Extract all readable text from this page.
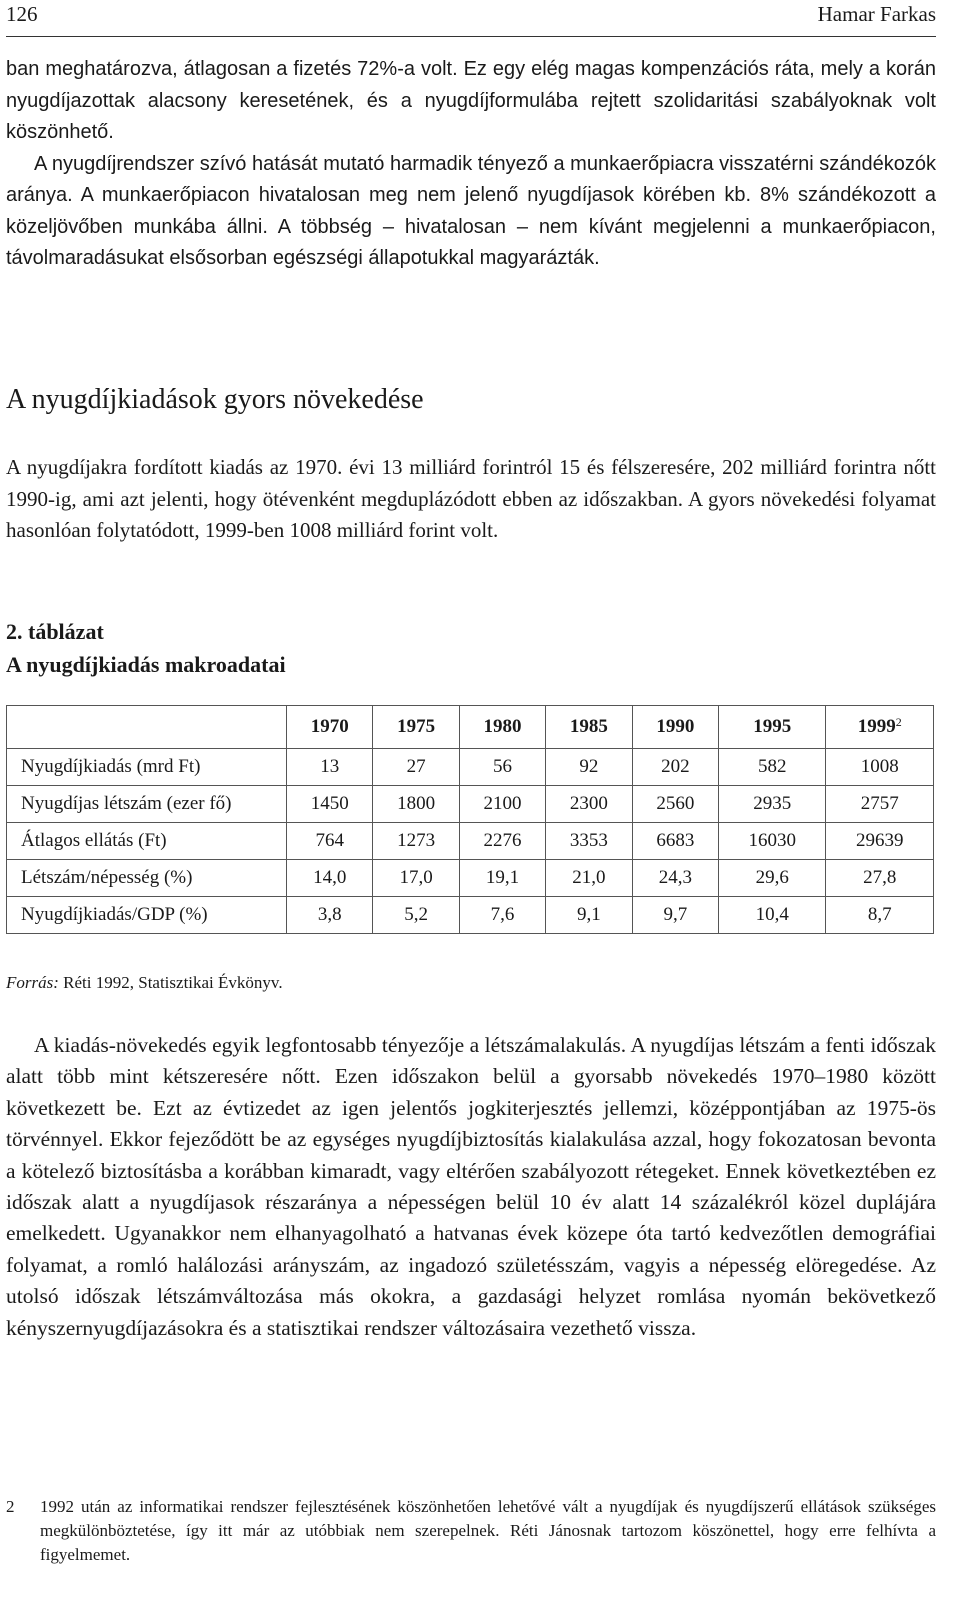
126	Hamar Farkas

ban meghatározva, átlagosan a fizetés 72%-a volt. Ez egy elég magas kompenzációs ráta, mely a korán nyugdíjazottak alacsony keresetének, és a nyugdíjformulába rejtett szolidaritási szabályoknak volt köszönhető.

A nyugdíjrendszer szívó hatását mutató harmadik tényező a munkaerőpiacra visszatérni szándékozók aránya. A munkaerőpiacon hivatalosan meg nem jelenő nyugdíjasok körében kb. 8% szándékozott a közeljövőben munkába állni. A többség – hivatalosan – nem kívánt megjelenni a munkaerőpiacon, távolmaradásukat elsősorban egészségi állapotukkal magyarázták.

A nyugdíjkiadások gyors növekedése

A nyugdíjakra fordított kiadás az 1970. évi 13 milliárd forintról 15 és félszeresére, 202 milliárd forintra nőtt 1990-ig, ami azt jelenti, hogy ötévenként megduplázódott ebben az időszakban. A gyors növekedési folyamat hasonlóan folytatódott, 1999-ben 1008 milliárd forint volt.

2. táblázat
A nyugdíjkiadás makroadatai
	1970	1975	1980	1985	1990	1995	1999$^2$
Nyugdíjkiadás (mrd Ft)	13	27	56	92	202	582	1008
Nyugdíjas létszám (ezer fő)	1450	1800	2100	2300	2560	2935	2757
Átlagos ellátás (Ft)	764	1273	2276	3353	6683	16030	29639
Létszám/népesség (%)	14,0	17,0	19,1	21,0	24,3	29,6	27,8
Nyugdíjkiadás/GDP (%)	3,8	5,2	7,6	9,1	9,7	10,4	8,7

Forrás: Réti 1992, Statisztikai Évkönyv.

A kiadás-növekedés egyik legfontosabb tényezője a létszámalakulás. A nyugdíjas létszám a fenti időszak alatt több mint kétszeresére nőtt. Ezen időszakon belül a gyorsabb növekedés 1970–1980 között következett be. Ezt az évtizedet az igen jelentős jogkiterjesztés jellemzi, középpontjában az 1975-ös törvénnyel. Ekkor fejeződött be az egységes nyugdíjbiztosítás kialakulása azzal, hogy fokozatosan bevonta a kötelező biztosításba a korábban kimaradt, vagy eltérően szabályozott rétegeket. Ennek következtében ez időszak alatt a nyugdíjasok részaránya a népességen belül 10 év alatt 14 százalékról közel duplájára emelkedett. Ugyanakkor nem elhanyagolható a hatvanas évek közepe óta tartó kedvezőtlen demográfiai folyamat, a romló halálozási arányszám, az ingadozó születésszám, vagyis a népesség elöregedése. Az utolsó időszak létszámváltozása más okokra, a gazdasági helyzet romlása nyomán bekövetkező kényszernyugdíjazásokra és a statisztikai rendszer változásaira vezethető vissza.

2 1992 után az informatikai rendszer fejlesztésének köszönhetően lehetővé vált a nyugdíjak és nyugdíjszerű ellátások szükséges megkülönböztetése, így itt már az utóbbiak nem szerepelnek. Réti Jánosnak tartozom köszönettel, hogy erre felhívta a figyelmemet.
